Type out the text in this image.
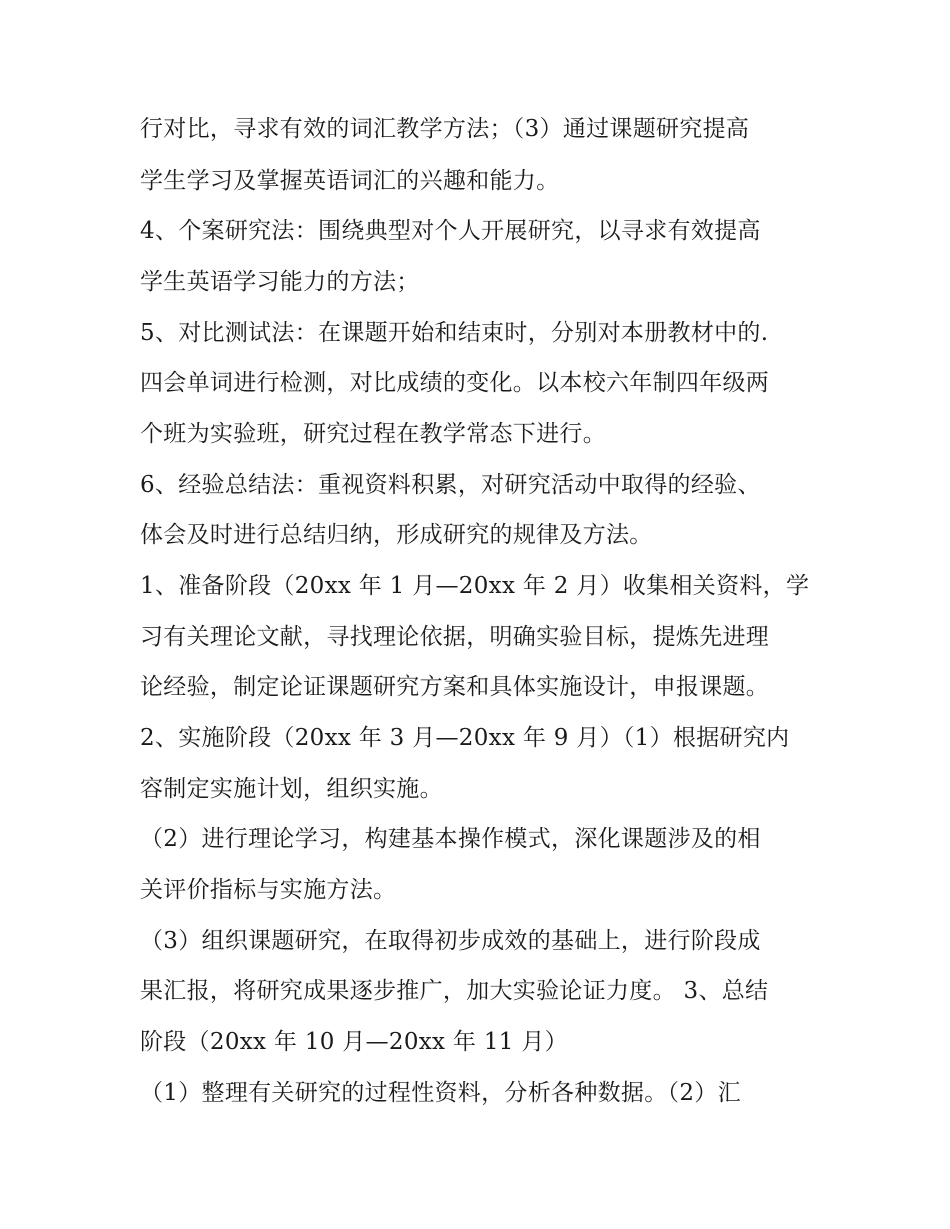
行对比，寻求有效的词汇教学方法；（3）通过课题研究提高
学生学习及掌握英语词汇的兴趣和能力。
4、个案研究法：围绕典型对个人开展研究，以寻求有效提高
学生英语学习能力的方法；
5、对比测试法：在课题开始和结束时，分别对本册教材中的.
四会单词进行检测，对比成绩的变化。以本校六年制四年级两
个班为实验班，研究过程在教学常态下进行。
6、经验总结法：重视资料积累，对研究活动中取得的经验、
体会及时进行总结归纳，形成研究的规律及方法。
1、准备阶段（20xx 年 1 月—20xx 年 2 月）收集相关资料，学
习有关理论文献，寻找理论依据，明确实验目标，提炼先进理
论经验，制定论证课题研究方案和具体实施设计，申报课题。
2、实施阶段（20xx 年 3 月—20xx 年 9 月）（1）根据研究内
容制定实施计划，组织实施。
（2）进行理论学习，构建基本操作模式，深化课题涉及的相
关评价指标与实施方法。
（3）组织课题研究，在取得初步成效的基础上，进行阶段成
果汇报，将研究成果逐步推广，加大实验论证力度。 3、总结
阶段（20xx 年 10 月—20xx 年 11 月）
（1）整理有关研究的过程性资料，分析各种数据。（2）汇
